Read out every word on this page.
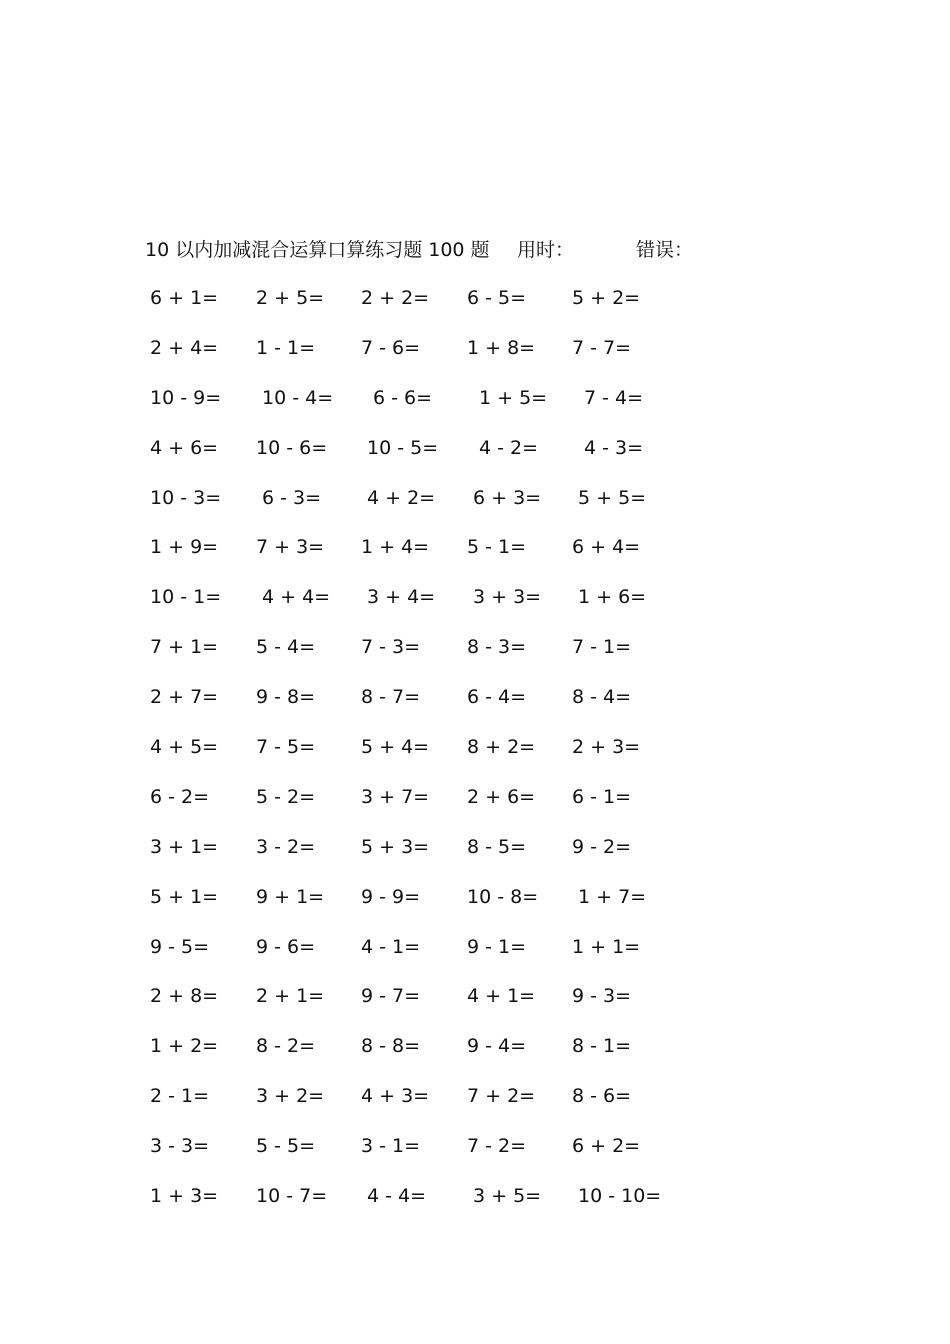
10 以内加减混合运算口算练习题 100 题 用时：	错误：
6 + 1= 2 + 5= 2 + 2= 6 - 5= 5 + 2=
2 + 4= 1 - 1= 7 - 6= 1 + 8= 7 - 7=
10 - 9= 10 - 4= 6 - 6= 1 + 5= 7 - 4=
4 + 6= 10 - 6= 10 - 5= 4 - 2= 4 - 3=
10 - 3= 6 - 3= 4 + 2= 6 + 3= 5 + 5=
1 + 9= 7 + 3= 1 + 4= 5 - 1= 6 + 4=
10 - 1= 4 + 4= 3 + 4= 3 + 3= 1 + 6=
7 + 1= 5 - 4= 7 - 3= 8 - 3= 7 - 1=
2 + 7= 9 - 8= 8 - 7= 6 - 4= 8 - 4=
4 + 5= 7 - 5= 5 + 4= 8 + 2= 2 + 3=
6 - 2= 5 - 2= 3 + 7= 2 + 6= 6 - 1=
3 + 1= 3 - 2= 5 + 3= 8 - 5= 9 - 2=
5 + 1= 9 + 1= 9 - 9= 10 - 8= 1 + 7=
9 - 5= 9 - 6= 4 - 1= 9 - 1= 1 + 1=
2 + 8= 2 + 1= 9 - 7= 4 + 1= 9 - 3=
1 + 2= 8 - 2= 8 - 8= 9 - 4= 8 - 1=
2 - 1= 3 + 2= 4 + 3= 7 + 2= 8 - 6=
3 - 3= 5 - 5= 3 - 1= 7 - 2= 6 + 2=
1 + 3= 10 - 7= 4 - 4= 3 + 5= 10 - 10=
